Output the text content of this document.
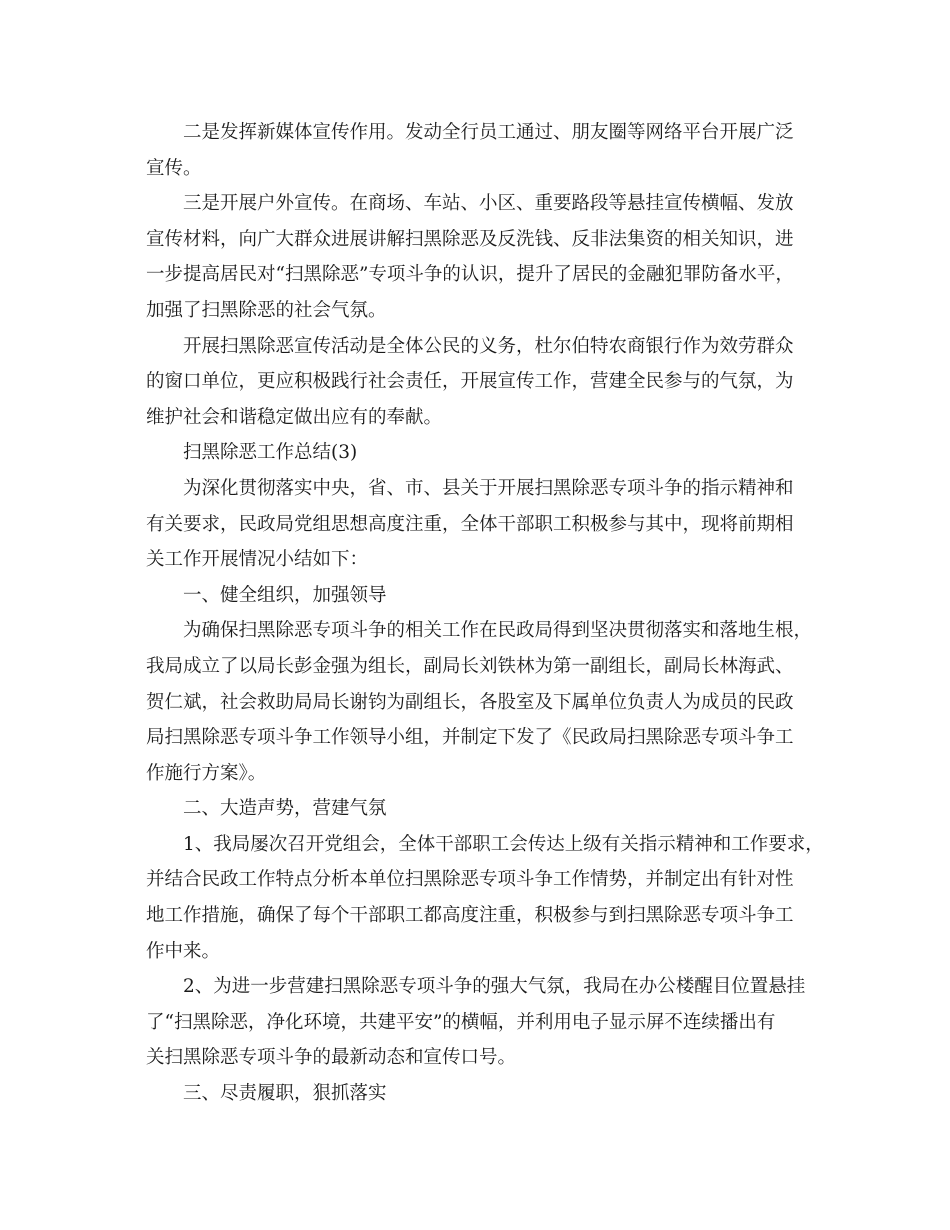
二是发挥新媒体宣传作用。发动全行员工通过、朋友圈等网络平台开展广泛
宣传。
三是开展户外宣传。在商场、车站、小区、重要路段等悬挂宣传横幅、发放
宣传材料，向广大群众进展讲解扫黑除恶及反洗钱、反非法集资的相关知识，进
一步提高居民对“扫黑除恶”专项斗争的认识，提升了居民的金融犯罪防备水平，
加强了扫黑除恶的社会气氛。
开展扫黑除恶宣传活动是全体公民的义务，杜尔伯特农商银行作为效劳群众
的窗口单位，更应积极践行社会责任，开展宣传工作，营建全民参与的气氛，为
维护社会和谐稳定做出应有的奉献。
扫黑除恶工作总结(3)
为深化贯彻落实中央，省、市、县关于开展扫黑除恶专项斗争的指示精神和
有关要求，民政局党组思想高度注重，全体干部职工积极参与其中，现将前期相
关工作开展情况小结如下：
一、健全组织，加强领导
为确保扫黑除恶专项斗争的相关工作在民政局得到坚决贯彻落实和落地生根，
我局成立了以局长彭金强为组长，副局长刘铁林为第一副组长，副局长林海武、
贺仁斌，社会救助局局长谢钧为副组长，各股室及下属单位负责人为成员的民政
局扫黑除恶专项斗争工作领导小组，并制定下发了《民政局扫黑除恶专项斗争工
作施行方案》。
二、大造声势，营建气氛
1、我局屡次召开党组会，全体干部职工会传达上级有关指示精神和工作要求，
并结合民政工作特点分析本单位扫黑除恶专项斗争工作情势，并制定出有针对性
地工作措施，确保了每个干部职工都高度注重，积极参与到扫黑除恶专项斗争工
作中来。
2、为进一步营建扫黑除恶专项斗争的强大气氛，我局在办公楼醒目位置悬挂
了“扫黑除恶，净化环境，共建平安”的横幅，并利用电子显示屏不连续播出有
关扫黑除恶专项斗争的最新动态和宣传口号。
三、尽责履职，狠抓落实
